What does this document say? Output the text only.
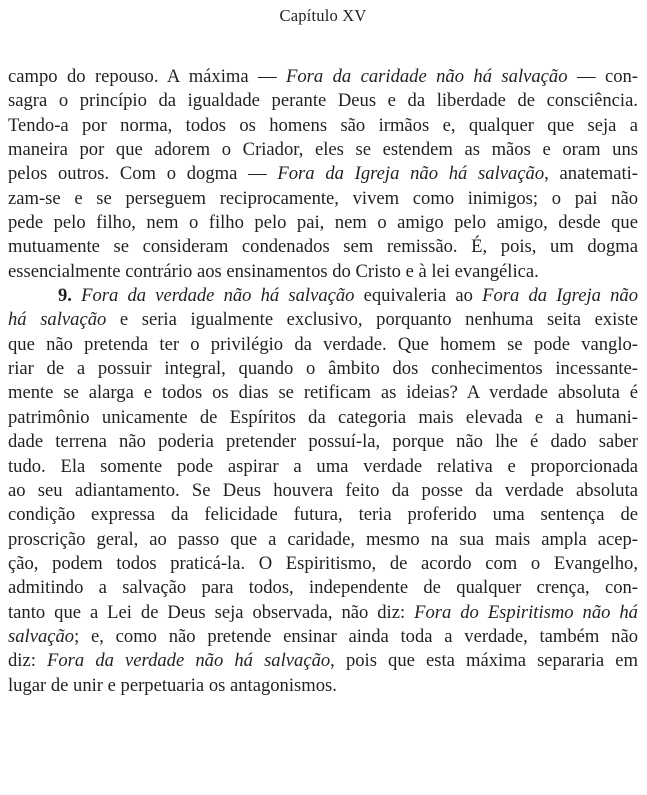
Capítulo XV

campo do repouso. A máxima — Fora da caridade não há salvação — con-
sagra o princípio da igualdade perante Deus e da liberdade de consciência.
Tendo-a por norma, todos os homens são irmãos e, qualquer que seja a
maneira por que adorem o Criador, eles se estendem as mãos e oram uns
pelos outros. Com o dogma — Fora da Igreja não há salvação, anatemati-
zam-se e se perseguem reciprocamente, vivem como inimigos; o pai não
pede pelo filho, nem o filho pelo pai, nem o amigo pelo amigo, desde que
mutuamente se consideram condenados sem remissão. É, pois, um dogma
essencialmente contrário aos ensinamentos do Cristo e à lei evangélica.

9. Fora da verdade não há salvação equivaleria ao Fora da Igreja não
há salvação e seria igualmente exclusivo, porquanto nenhuma seita existe
que não pretenda ter o privilégio da verdade. Que homem se pode vanglo-
riar de a possuir integral, quando o âmbito dos conhecimentos incessante-
mente se alarga e todos os dias se retificam as ideias? A verdade absoluta é
patrimônio unicamente de Espíritos da categoria mais elevada e a humani-
dade terrena não poderia pretender possuí-la, porque não lhe é dado saber
tudo. Ela somente pode aspirar a uma verdade relativa e proporcionada
ao seu adiantamento. Se Deus houvera feito da posse da verdade absoluta
condição expressa da felicidade futura, teria proferido uma sentença de
proscrição geral, ao passo que a caridade, mesmo na sua mais ampla acep-
ção, podem todos praticá-la. O Espiritismo, de acordo com o Evangelho,
admitindo a salvação para todos, independente de qualquer crença, con-
tanto que a Lei de Deus seja observada, não diz: Fora do Espiritismo não há
salvação; e, como não pretende ensinar ainda toda a verdade, também não
diz: Fora da verdade não há salvação, pois que esta máxima separaria em
lugar de unir e perpetuaria os antagonismos.
